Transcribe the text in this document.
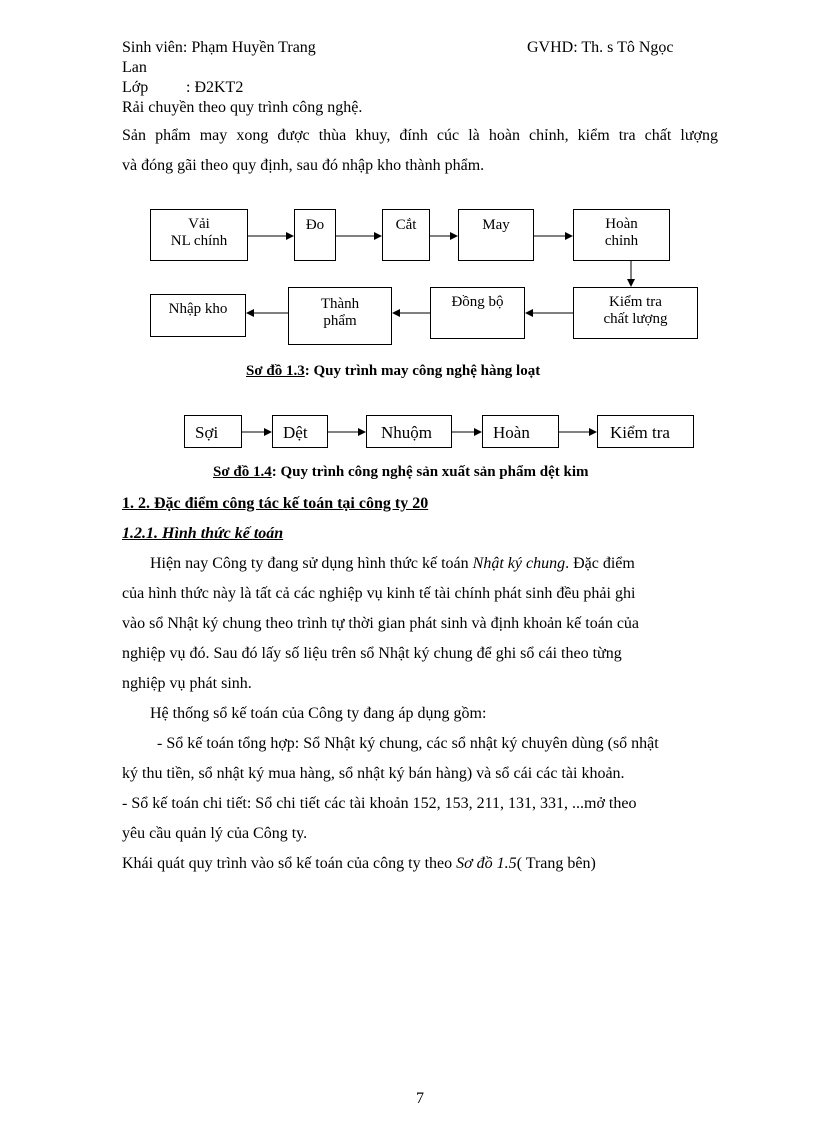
Sinh viên: Phạm Huyền Trang	GVHD: Th. s Tô Ngọc
Lan
Lớp : Đ2KT2
Rải chuyền theo quy trình công nghệ.
Sản phẩm may xong được thùa khuy, đính cúc là hoàn chỉnh, kiểm tra chất lượng
và đóng gãi theo quy định, sau đó nhập kho thành phẩm.
Vải
NL chính
Đo	Cắt	May	Hoàn
chỉnh
Kiểm tra
chất lượng
Đồng bộ
Thành
phẩm
Nhập kho
Sợi	Dệt	Nhuộm	Hoàn	Kiểm tra
Sơ đồ 1.3: Quy trình may công nghệ hàng loạt
Sơ đồ 1.4: Quy trình công nghệ sản xuất sản phẩm dệt kim
1. 2. Đặc điểm công tác kế toán tại công ty 20
1.2.1. Hình thức kế toán
Hiện nay Công ty đang sử dụng hình thức kế toán Nhật ký chung. Đặc điểm
của hình thức này là tất cả các nghiệp vụ kinh tế tài chính phát sinh đều phải ghi
vào sổ Nhật ký chung theo trình tự thời gian phát sinh và định khoản kế toán của
nghiệp vụ đó. Sau đó lấy số liệu trên sổ Nhật ký chung để ghi sổ cái theo từng
nghiệp vụ phát sinh.
Hệ thống sổ kế toán của Công ty đang áp dụng gồm:
- Sổ kế toán tổng hợp: Sổ Nhật ký chung, các sổ nhật ký chuyên dùng (sổ nhật
ký thu tiền, sổ nhật ký mua hàng, sổ nhật ký bán hàng) và sổ cái các tài khoản.
- Sổ kế toán chi tiết: Sổ chi tiết các tài khoản 152, 153, 211, 131, 331, ...mở theo
yêu cầu quản lý của Công ty.
Khái quát quy trình vào sổ kế toán của công ty theo Sơ đồ 1.5( Trang bên)
7
